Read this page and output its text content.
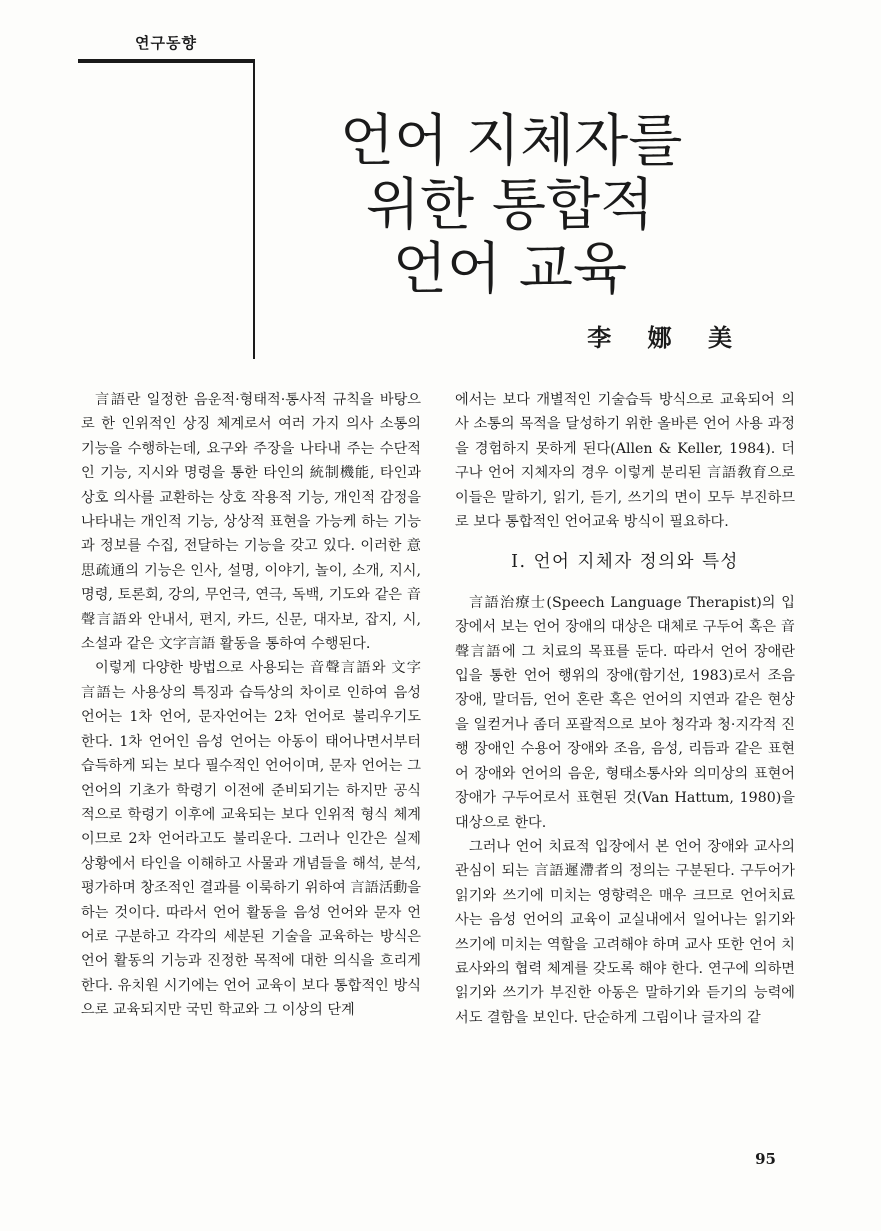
연구동향
언어 지체자를
위한 통합적
언어 교육
李 娜 美

言語란 일정한 음운적·형태적·통사적 규칙을 바탕으로 한 인위적인 상징 체계로서 여러 가지 의사 소통의 기능을 수행하는데, 요구와 주장을 나타내 주는 수단적인 기능, 지시와 명령을 통한 타인의 統制機能, 타인과 상호 의사를 교환하는 상호 작용적 기능, 개인적 감정을 나타내는 개인적 기능, 상상적 표현을 가능케 하는 기능과 정보를 수집, 전달하는 기능을 갖고 있다. 이러한 意思疏通의 기능은 인사, 설명, 이야기, 놀이, 소개, 지시, 명령, 토론회, 강의, 무언극, 연극, 독백, 기도와 같은 音聲言語와 안내서, 편지, 카드, 신문, 대자보, 잡지, 시, 소설과 같은 文字言語 활동을 통하여 수행된다.

이렇게 다양한 방법으로 사용되는 音聲言語와 文字言語는 사용상의 특징과 습득상의 차이로 인하여 음성 언어는 1차 언어, 문자언어는 2차 언어로 불리우기도 한다. 1차 언어인 음성 언어는 아동이 태어나면서부터 습득하게 되는 보다 필수적인 언어이며, 문자 언어는 그 언어의 기초가 학령기 이전에 준비되기는 하지만 공식적으로 학령기 이후에 교육되는 보다 인위적 형식 체계이므로 2차 언어라고도 불리운다. 그러나 인간은 실제 상황에서 타인을 이해하고 사물과 개념들을 해석, 분석,평가하며 창조적인 결과를 이룩하기 위하여 言語活動을 하는 것이다. 따라서 언어 활동을 음성 언어와 문자 언어로 구분하고 각각의 세분된 기술을 교육하는 방식은 언어 활동의 기능과 진정한 목적에 대한 의식을 흐리게 한다. 유치원 시기에는 언어 교육이 보다 통합적인 방식으로 교육되지만 국민 학교와 그 이상의 단계

에서는 보다 개별적인 기술습득 방식으로 교육되어 의사 소통의 목적을 달성하기 위한 올바른 언어 사용 과정을 경험하지 못하게 된다(Allen & Keller, 1984). 더구나 언어 지체자의 경우 이렇게 분리된 言語敎育으로 이들은 말하기, 읽기, 듣기, 쓰기의 면이 모두 부진하므로 보다 통합적인 언어교육 방식이 필요하다.

Ⅰ. 언어 지체자 정의와 특성

言語治療士(Speech Language Therapist)의 입장에서 보는 언어 장애의 대상은 대체로 구두어 혹은 音聲言語에 그 치료의 목표를 둔다. 따라서 언어 장애란 입을 통한 언어 행위의 장애(함기선, 1983)로서 조음 장애, 말더듬, 언어 혼란 혹은 언어의 지연과 같은 현상을 일컫거나 좀더 포괄적으로 보아 청각과 청·지각적 진행 장애인 수용어 장애와 조음, 음성, 리듬과 같은 표현어 장애와 언어의 음운, 형태소통사와 의미상의 표현어 장애가 구두어로서 표현된 것(Van Hattum, 1980)을 대상으로 한다.

그러나 언어 치료적 입장에서 본 언어 장애와 교사의 관심이 되는 言語遲滯者의 정의는 구분된다. 구두어가 읽기와 쓰기에 미치는 영향력은 매우 크므로 언어치료사는 음성 언어의 교육이 교실내에서 일어나는 읽기와 쓰기에 미치는 역할을 고려해야 하며 교사 또한 언어 치료사와의 협력 체계를 갖도록 해야 한다. 연구에 의하면 읽기와 쓰기가 부진한 아동은 말하기와 듣기의 능력에서도 결함을 보인다. 단순하게 그림이나 글자의 같

95
